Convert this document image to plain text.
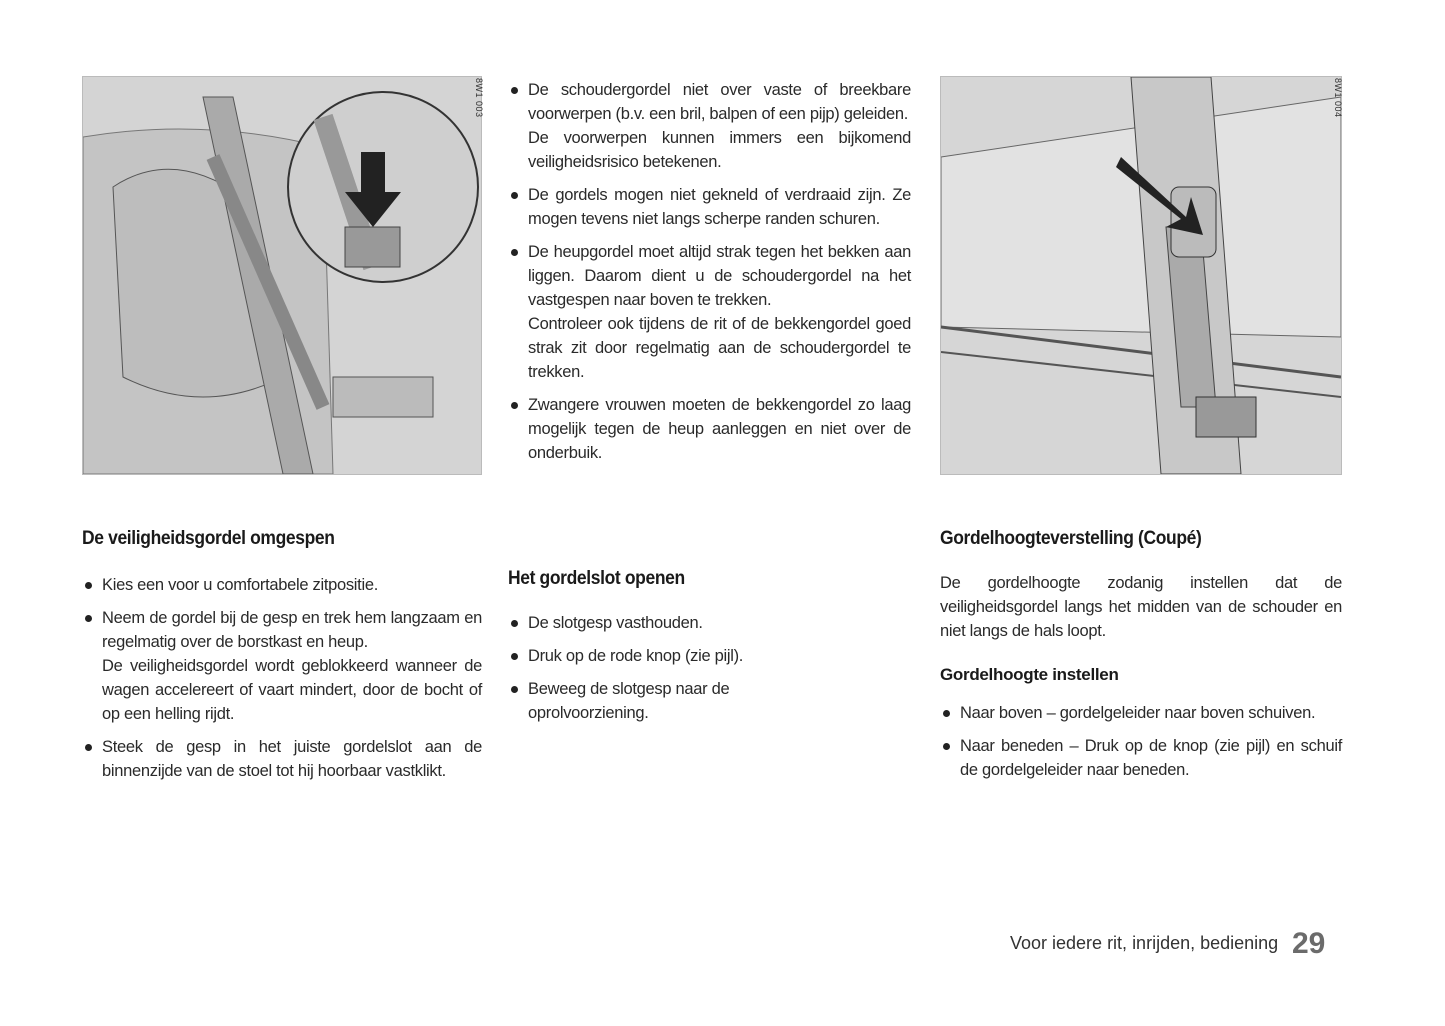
8W1 003	8W1 004
De veiligheidsgordel omgespen
Kies een voor u comfortabele zitpositie.

Neem de gordel bij de gesp en trek hem langzaam en regelmatig over de borstkast en heup.

De veiligheidsgordel wordt geblokkeerd wanneer de wagen accelereert of vaart mindert, door de bocht of op een helling rijdt.

Steek de gesp in het juiste gordelslot aan de binnenzijde van de stoel tot hij hoorbaar vastklikt.

De schoudergordel niet over vaste of breekbare voorwerpen (b.v. een bril, balpen of een pijp) geleiden.

De voorwerpen kunnen immers een bijkomend veiligheidsrisico betekenen.

De gordels mogen niet gekneld of verdraaid zijn. Ze mogen tevens niet langs scherpe randen schuren.

De heupgordel moet altijd strak tegen het bekken aan liggen. Daarom dient u de schoudergordel na het vastgespen naar boven te trekken.

Controleer ook tijdens de rit of de bekkengordel goed strak zit door regelmatig aan de schoudergordel te trekken.

Zwangere vrouwen moeten de bekkengordel zo laag mogelijk tegen de heup aanleggen en niet over de onderbuik.
Het gordelslot openen
De slotgesp vasthouden.
Druk op de rode knop (zie pijl).
Beweeg de slotgesp naar de oprolvoorziening.
Gordelhoogteverstelling (Coupé)

De gordelhoogte zodanig instellen dat de veiligheidsgordel langs het midden van de schouder en niet langs de hals loopt.

Gordelhoogte instellen
Naar boven – gordelgeleider naar boven schuiven.
Naar beneden – Druk op de knop (zie pijl) en schuif de gordelgeleider naar beneden.
Voor iedere rit, inrijden, bediening 29
